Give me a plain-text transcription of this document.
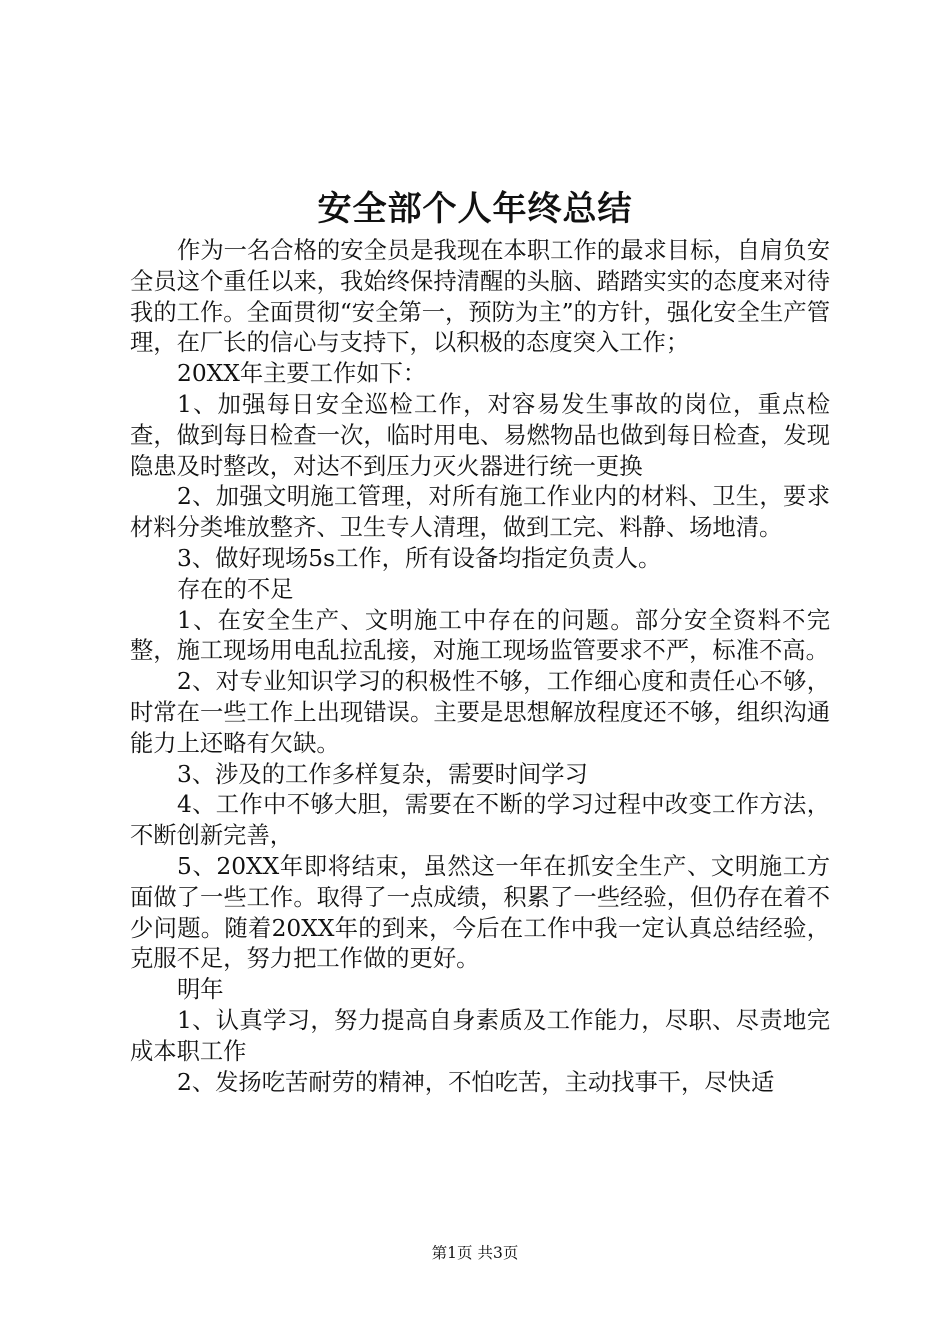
安全部个人年终总结

作为一名合格的安全员是我现在本职工作的最求目标，自肩负安全员这个重任以来，我始终保持清醒的头脑、踏踏实实的态度来对待我的工作。全面贯彻“安全第一，预防为主”的方针，强化安全生产管理，在厂长的信心与支持下，以积极的态度突入工作；

20XX年主要工作如下：

1、加强每日安全巡检工作，对容易发生事故的岗位，重点检查，做到每日检查一次，临时用电、易燃物品也做到每日检查，发现隐患及时整改，对达不到压力灭火器进行统一更换

2、加强文明施工管理，对所有施工作业内的材料、卫生，要求材料分类堆放整齐、卫生专人清理，做到工完、料静、场地清。

3、做好现场5s工作，所有设备均指定负责人。

存在的不足

1、在安全生产、文明施工中存在的问题。部分安全资料不完整，施工现场用电乱拉乱接，对施工现场监管要求不严，标准不高。

2、对专业知识学习的积极性不够，工作细心度和责任心不够，时常在一些工作上出现错误。主要是思想解放程度还不够，组织沟通能力上还略有欠缺。

3、涉及的工作多样复杂，需要时间学习

4、工作中不够大胆，需要在不断的学习过程中改变工作方法，不断创新完善，

5、20XX年即将结束，虽然这一年在抓安全生产、文明施工方面做了一些工作。取得了一点成绩，积累了一些经验，但仍存在着不少问题。随着20XX年的到来，今后在工作中我一定认真总结经验，克服不足，努力把工作做的更好。

明年

1、认真学习，努力提高自身素质及工作能力，尽职、尽责地完成本职工作

2、发扬吃苦耐劳的精神，不怕吃苦，主动找事干，尽快适

第1页 共3页
